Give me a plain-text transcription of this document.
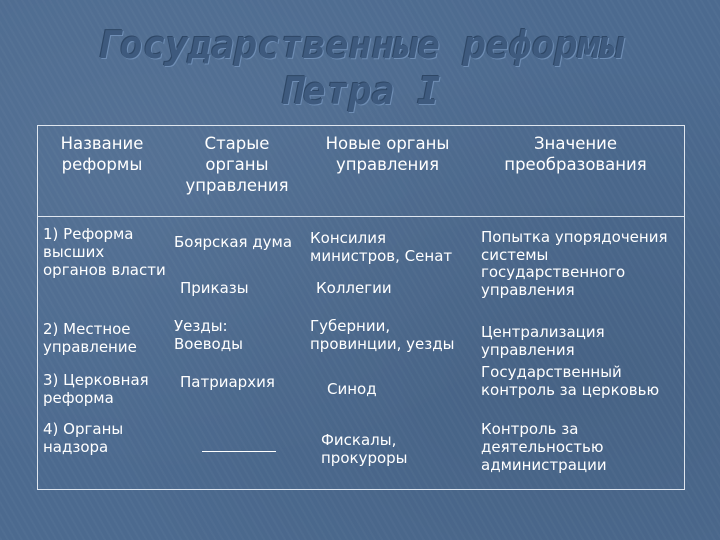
Государственные реформы
Петра I
Название реформы
Старые органы управления
Новые органы управления
Значение преобразования
1) Реформа высших органов власти
Боярская дума
Приказы
Консилия министров, Сенат
Коллегии
Попытка упорядочения системы государственного управления
2) Местное управление
Уезды: Воеводы
Губернии, провинции, уезды
Централизация управления
3) Церковная реформа
Патриархия	Синод
Государственный контроль за церковью
4) Органы надзора	Фискалы, прокуроры
Контроль за деятельностью администрации
